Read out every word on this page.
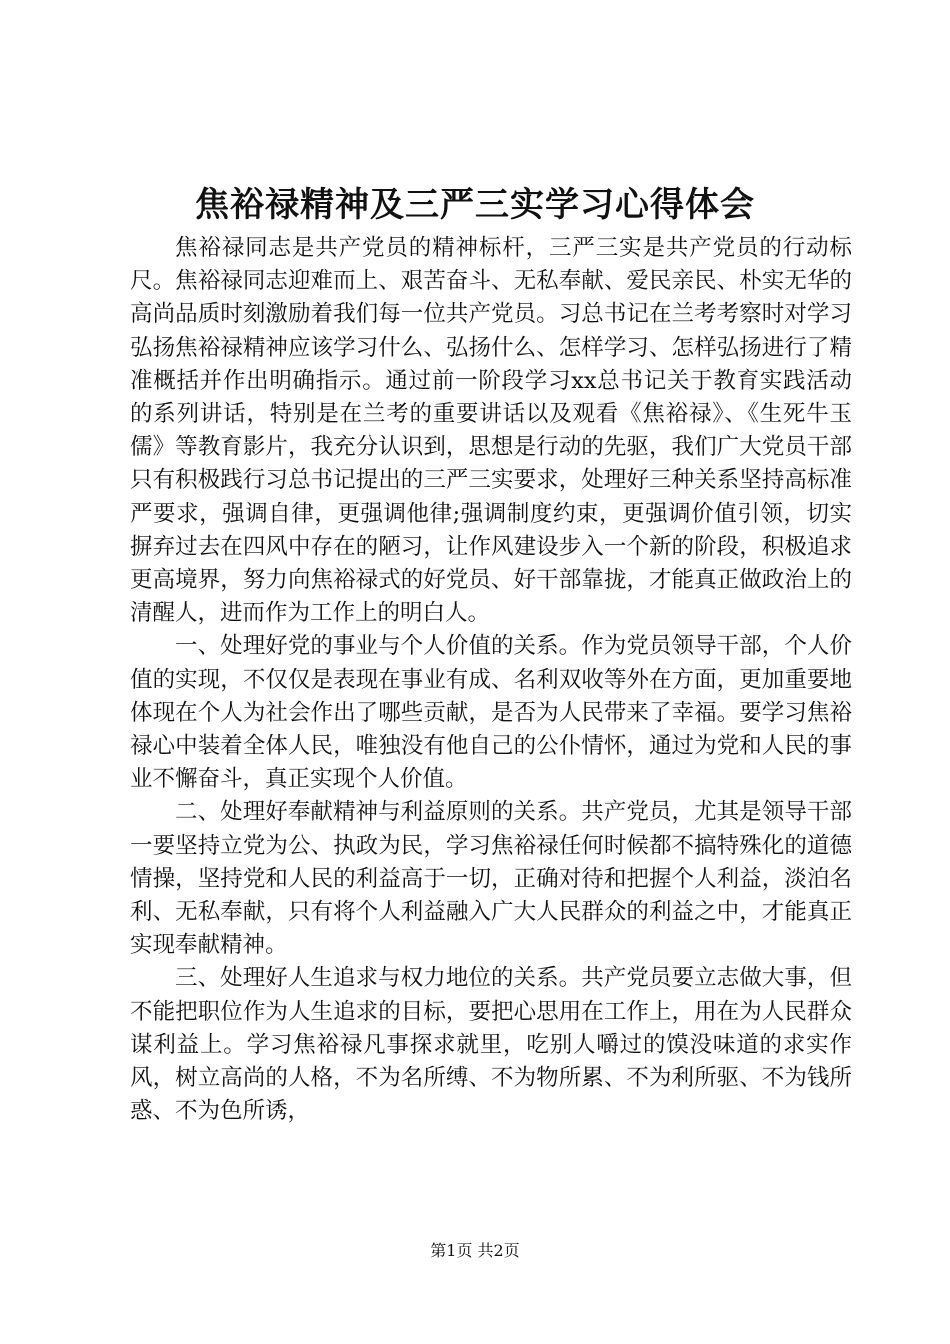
焦裕禄精神及三严三实学习心得体会

焦裕禄同志是共产党员的精神标杆，三严三实是共产党员的行动标尺。焦裕禄同志迎难而上、艰苦奋斗、无私奉献、爱民亲民、朴实无华的高尚品质时刻激励着我们每一位共产党员。习总书记在兰考考察时对学习弘扬焦裕禄精神应该学习什么、弘扬什么、怎样学习、怎样弘扬进行了精准概括并作出明确指示。通过前一阶段学习xx总书记关于教育实践活动的系列讲话，特别是在兰考的重要讲话以及观看《焦裕禄》、《生死牛玉儒》等教育影片，我充分认识到，思想是行动的先驱，我们广大党员干部只有积极践行习总书记提出的三严三实要求，处理好三种关系坚持高标准严要求，强调自律，更强调他律;强调制度约束，更强调价值引领，切实摒弃过去在四风中存在的陋习，让作风建设步入一个新的阶段，积极追求更高境界，努力向焦裕禄式的好党员、好干部靠拢，才能真正做政治上的清醒人，进而作为工作上的明白人。

一、处理好党的事业与个人价值的关系。作为党员领导干部，个人价值的实现，不仅仅是表现在事业有成、名利双收等外在方面，更加重要地体现在个人为社会作出了哪些贡献，是否为人民带来了幸福。要学习焦裕禄心中装着全体人民，唯独没有他自己的公仆情怀，通过为党和人民的事业不懈奋斗，真正实现个人价值。

二、处理好奉献精神与利益原则的关系。共产党员，尤其是领导干部一要坚持立党为公、执政为民，学习焦裕禄任何时候都不搞特殊化的道德情操，坚持党和人民的利益高于一切，正确对待和把握个人利益，淡泊名利、无私奉献，只有将个人利益融入广大人民群众的利益之中，才能真正实现奉献精神。

三、处理好人生追求与权力地位的关系。共产党员要立志做大事，但不能把职位作为人生追求的目标，要把心思用在工作上，用在为人民群众谋利益上。学习焦裕禄凡事探求就里，吃别人嚼过的馍没味道的求实作风，树立高尚的人格，不为名所缚、不为物所累、不为利所驱、不为钱所惑、不为色所诱，

第1页 共2页
